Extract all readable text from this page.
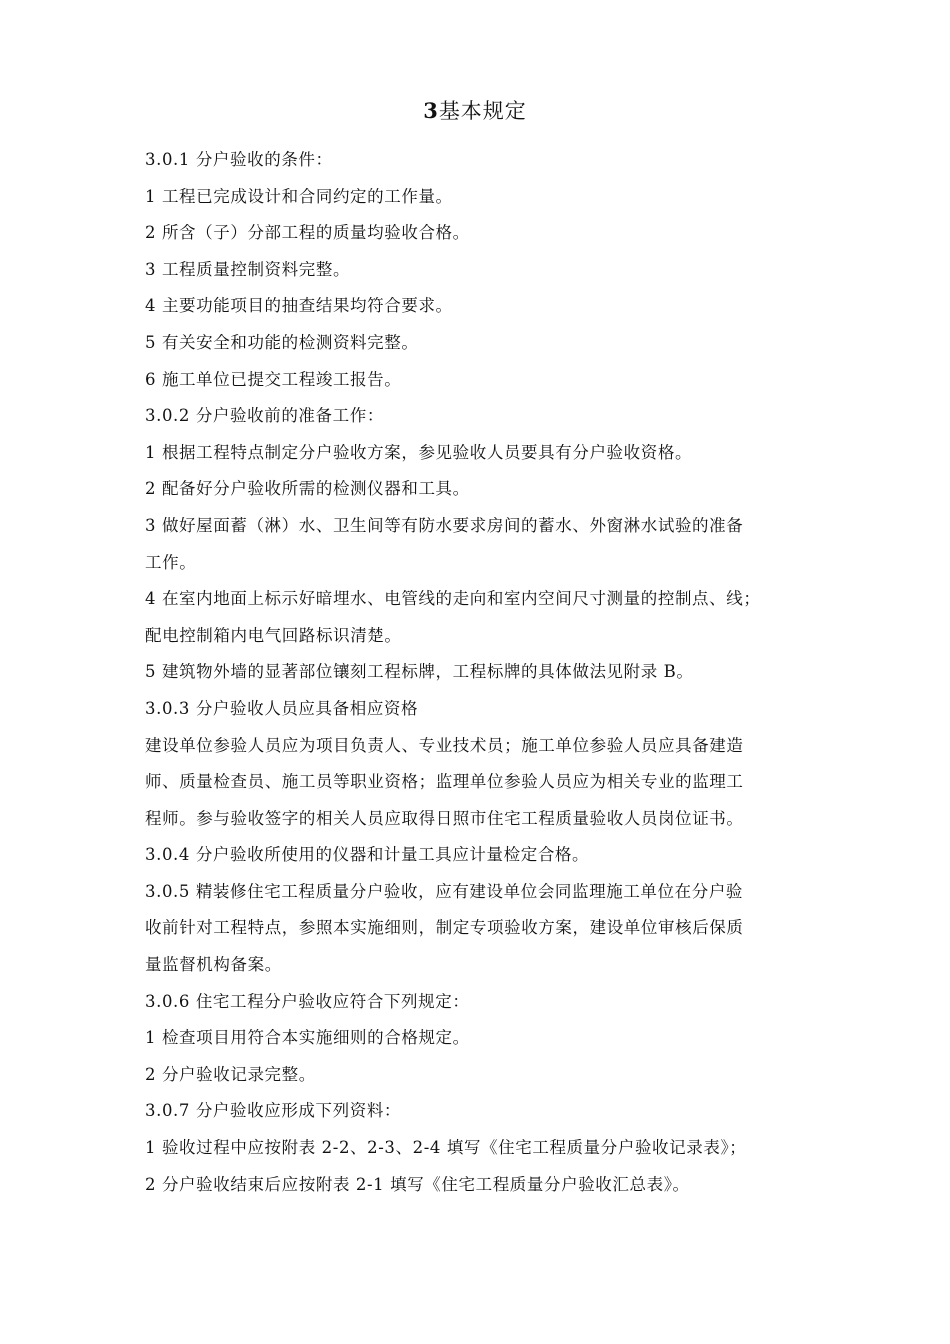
3基本规定
3.0.1 分户验收的条件：
1 工程已完成设计和合同约定的工作量。
2 所含（子）分部工程的质量均验收合格。
3 工程质量控制资料完整。
4 主要功能项目的抽查结果均符合要求。
5 有关安全和功能的检测资料完整。
6 施工单位已提交工程竣工报告。
3.0.2 分户验收前的准备工作：
1 根据工程特点制定分户验收方案，参见验收人员要具有分户验收资格。
2 配备好分户验收所需的检测仪器和工具。
3 做好屋面蓄（淋）水、卫生间等有防水要求房间的蓄水、外窗淋水试验的准备
工作。
4 在室内地面上标示好暗埋水、电管线的走向和室内空间尺寸测量的控制点、线；
配电控制箱内电气回路标识清楚。
5 建筑物外墙的显著部位镶刻工程标牌，工程标牌的具体做法见附录 B。
3.0.3 分户验收人员应具备相应资格
建设单位参验人员应为项目负责人、专业技术员；施工单位参验人员应具备建造
师、质量检查员、施工员等职业资格；监理单位参验人员应为相关专业的监理工
程师。参与验收签字的相关人员应取得日照市住宅工程质量验收人员岗位证书。
3.0.4 分户验收所使用的仪器和计量工具应计量检定合格。
3.0.5 精装修住宅工程质量分户验收，应有建设单位会同监理施工单位在分户验
收前针对工程特点，参照本实施细则，制定专项验收方案，建设单位审核后保质
量监督机构备案。
3.0.6 住宅工程分户验收应符合下列规定：
1 检查项目用符合本实施细则的合格规定。
2 分户验收记录完整。
3.0.7 分户验收应形成下列资料：
1 验收过程中应按附表 2-2、2-3、2-4 填写《住宅工程质量分户验收记录表》；
2 分户验收结束后应按附表 2-1 填写《住宅工程质量分户验收汇总表》。
